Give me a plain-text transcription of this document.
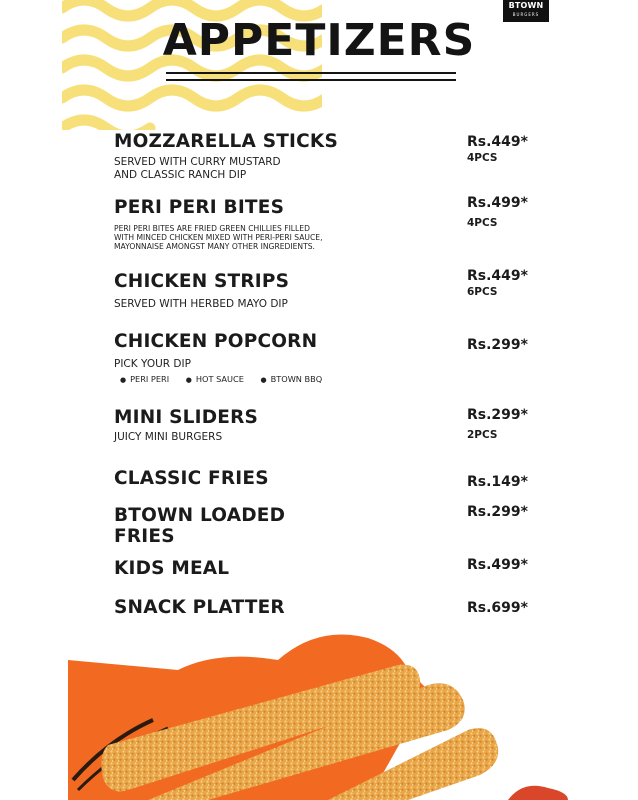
BTOWN
BURGERS
APPETIZERS
MOZZARELLA STICKS
SERVED WITH CURRY MUSTARD
AND CLASSIC RANCH DIP
Rs.449*
4PCS
PERI PERI BITES
PERI PERI BITES ARE FRIED GREEN CHILLIES FILLED
WITH MINCED CHICKEN MIXED WITH PERI-PERI SAUCE,
MAYONNAISE AMONGST MANY OTHER INGREDIENTS.
Rs.499*
4PCS
CHICKEN STRIPS
SERVED WITH HERBED MAYO DIP
Rs.449*
6PCS
CHICKEN POPCORN
PICK YOUR DIP
● PERI PERI	● HOT SAUCE	● BTOWN BBQ
Rs.299*
MINI SLIDERS
JUICY MINI BURGERS
Rs.299*
2PCS
CLASSIC FRIES	Rs.149*
BTOWN LOADED
FRIES
Rs.299*
KIDS MEAL	Rs.499*
SNACK PLATTER	Rs.699*
